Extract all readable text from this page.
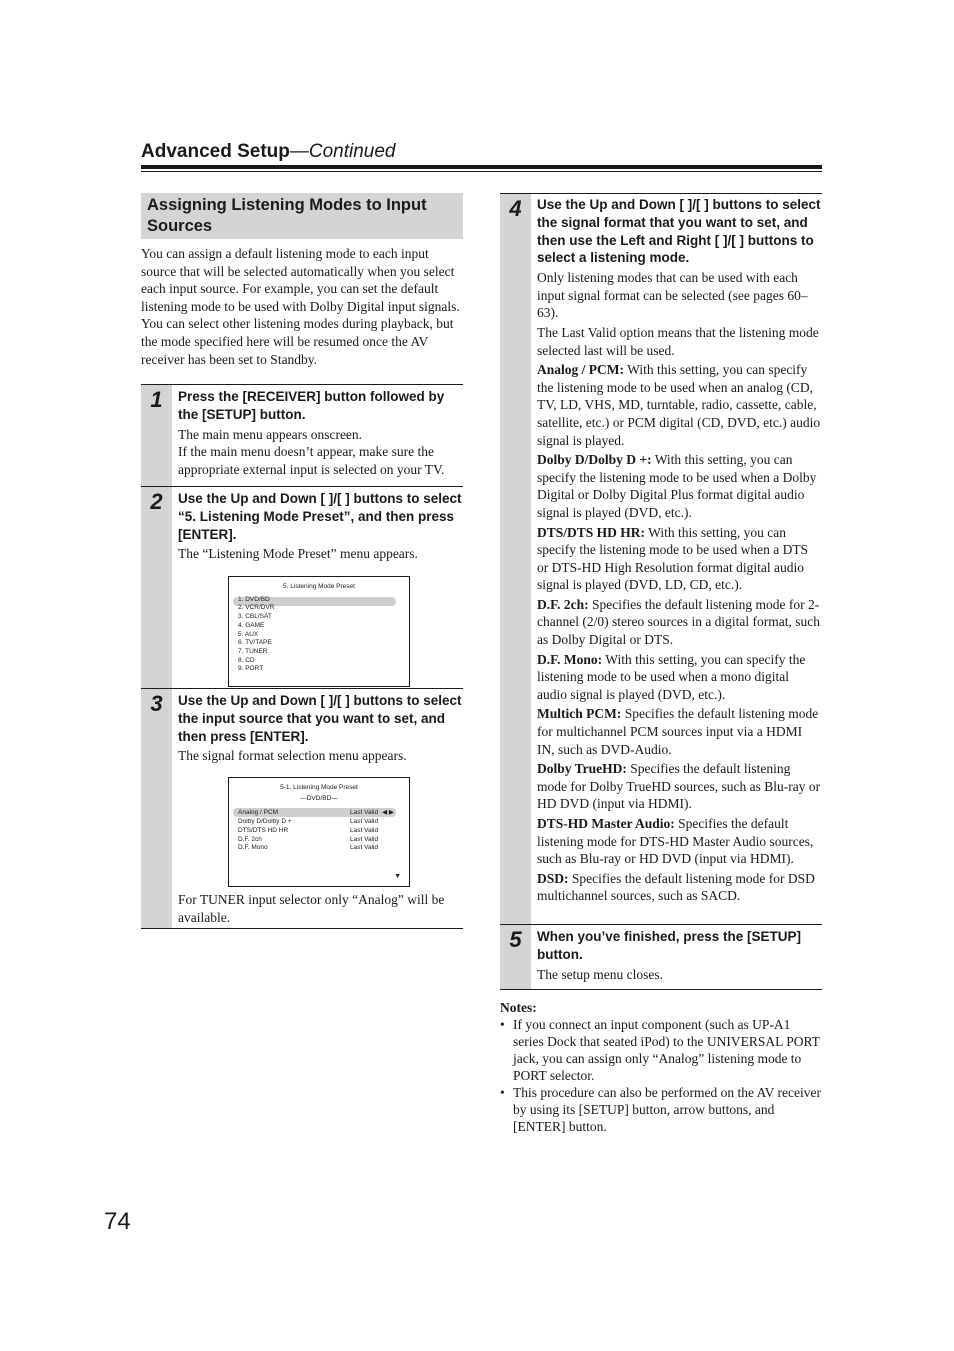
Advanced Setup—Continued
Assigning Listening Modes to Input Sources
You can assign a default listening mode to each input source that will be selected automatically when you select each input source. For example, you can set the default listening mode to be used with Dolby Digital input signals. You can select other listening modes during playback, but the mode specified here will be resumed once the AV receiver has been set to Standby.
1	Press the [RECEIVER] button followed by the [SETUP] button.
The main menu appears onscreen.
If the main menu doesn’t appear, make sure the appropriate external input is selected on your TV.
2	Use the Up and Down [ ]/[ ] buttons to select “5. Listening Mode Preset”, and then press [ENTER].
The “Listening Mode Preset” menu appears.
5. Listening Mode Preset
1. DVD/BD
2. VCR/DVR
3. CBL/SAT
4. GAME
5. AUX
6. TV/TAPE
7. TUNER
8. CD
9. PORT
3	Use the Up and Down [ ]/[ ] buttons to select the input source that you want to set, and then press [ENTER].
The signal format selection menu appears.
5-1. Listening Mode Preset
—DVD/BD—
Analog / PCM	Last Valid ◀ ▶
Dolby D/Dolby D +	Last Valid
DTS/DTS HD HR	Last Valid
D.F. 2ch	Last Valid
D.F. Mono	Last Valid
▼
For TUNER input selector only “Analog” will be available.
4	Use the Up and Down [ ]/[ ] buttons to select the signal format that you want to set, and then use the Left and Right [ ]/[ ] buttons to select a listening mode.
Only listening modes that can be used with each input signal format can be selected (see pages 60–63).
The Last Valid option means that the listening mode selected last will be used.
Analog / PCM: With this setting, you can specify the listening mode to be used when an analog (CD, TV, LD, VHS, MD, turntable, radio, cassette, cable, satellite, etc.) or PCM digital (CD, DVD, etc.) audio signal is played.
Dolby D/Dolby D +: With this setting, you can specify the listening mode to be used when a Dolby Digital or Dolby Digital Plus format digital audio signal is played (DVD, etc.).
DTS/DTS HD HR: With this setting, you can specify the listening mode to be used when a DTS or DTS-HD High Resolution format digital audio signal is played (DVD, LD, CD, etc.).
D.F. 2ch: Specifies the default listening mode for 2-channel (2/0) stereo sources in a digital format, such as Dolby Digital or DTS.
D.F. Mono: With this setting, you can specify the listening mode to be used when a mono digital audio signal is played (DVD, etc.).
Multich PCM: Specifies the default listening mode for multichannel PCM sources input via a HDMI IN, such as DVD-Audio.
Dolby TrueHD: Specifies the default listening mode for Dolby TrueHD sources, such as Blu-ray or HD DVD (input via HDMI).
DTS-HD Master Audio: Specifies the default listening mode for DTS-HD Master Audio sources, such as Blu-ray or HD DVD (input via HDMI).
DSD: Specifies the default listening mode for DSD multichannel sources, such as SACD.
5	When you’ve finished, press the [SETUP] button.
The setup menu closes.
Notes:
• If you connect an input component (such as UP-A1 series Dock that seated iPod) to the UNIVERSAL PORT jack, you can assign only “Analog” listening mode to PORT selector.
• This procedure can also be performed on the AV receiver by using its [SETUP] button, arrow buttons, and [ENTER] button.
74
